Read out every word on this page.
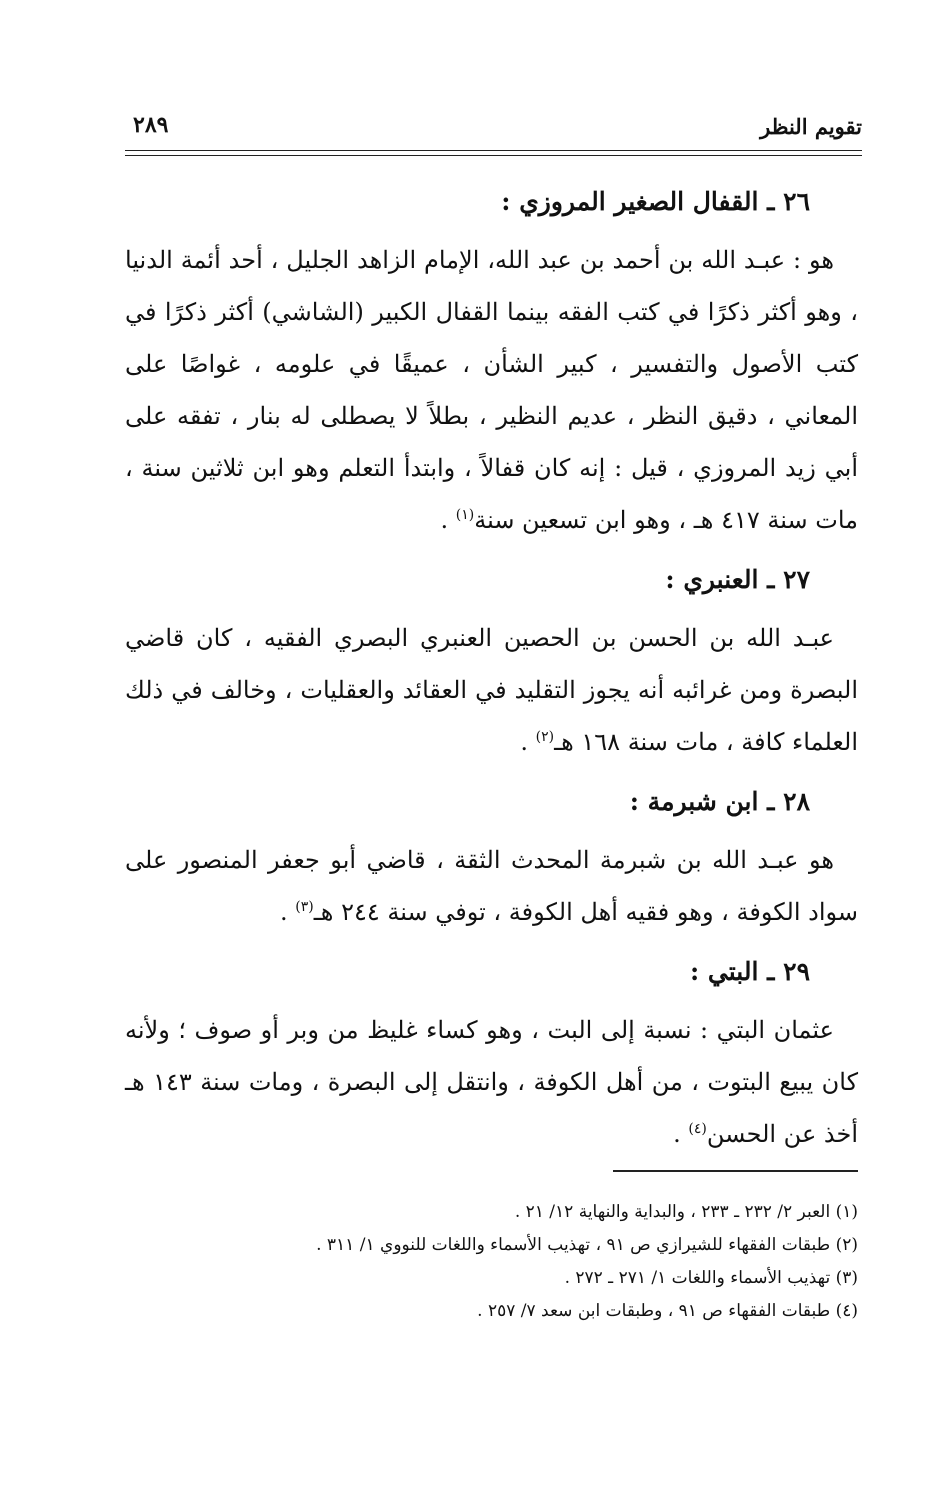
تقويم النظر
٢٨٩

٢٦ ـ القفال الصغير المروزي :

هو : عبـد الله بن أحمد بن عبد الله، الإمام الزاهد الجليل ، أحد أئمة الدنيا ، وهو أكثر ذكرًا في كتب الفقه بينما القفال الكبير (الشاشي) أكثر ذكرًا في كتب الأصول والتفسير ، كبير الشأن ، عميقًا في علومه ، غواصًا على المعاني ، دقيق النظر ، عديم النظير ، بطلاً لا يصطلى له بنار ، تفقه على أبي زيد المروزي ، قيل : إنه كان قفالاً ، وابتدأ التعلم وهو ابن ثلاثين سنة ، مات سنة ٤١٧ هـ ، وهو ابن تسعين سنة$^{(١)}$ .

٢٧ ـ العنبري :

عبـد الله بن الحسن بن الحصين العنبري البصري الفقيه ، كان قاضي البصرة ومن غرائبه أنه يجوز التقليد في العقائد والعقليات ، وخالف في ذلك العلماء كافة ، مات سنة ١٦٨ هـ$^{(٢)}$ .

٢٨ ـ ابن شبرمة :

هو عبـد الله بن شبرمة المحدث الثقة ، قاضي أبو جعفر المنصور على سواد الكوفة ، وهو فقيه أهل الكوفة ، توفي سنة ٢٤٤ هـ$^{(٣)}$ .

٢٩ ـ البتي :

عثمان البتي : نسبة إلى البت ، وهو كساء غليظ من وبر أو صوف ؛ ولأنه كان يبيع البتوت ، من أهل الكوفة ، وانتقل إلى البصرة ، ومات سنة ١٤٣ هـ أخذ عن الحسن$^{(٤)}$ .

(١) العبر ٢/ ٢٣٢ ـ ٢٣٣ ، والبداية والنهاية ١٢/ ٢١ .

(٢) طبقات الفقهاء للشيرازي ص ٩١ ، تهذيب الأسماء واللغات للنووي ١/ ٣١١ .

(٣) تهذيب الأسماء واللغات ١/ ٢٧١ ـ ٢٧٢ .

(٤) طبقات الفقهاء ص ٩١ ، وطبقات ابن سعد ٧/ ٢٥٧ .
